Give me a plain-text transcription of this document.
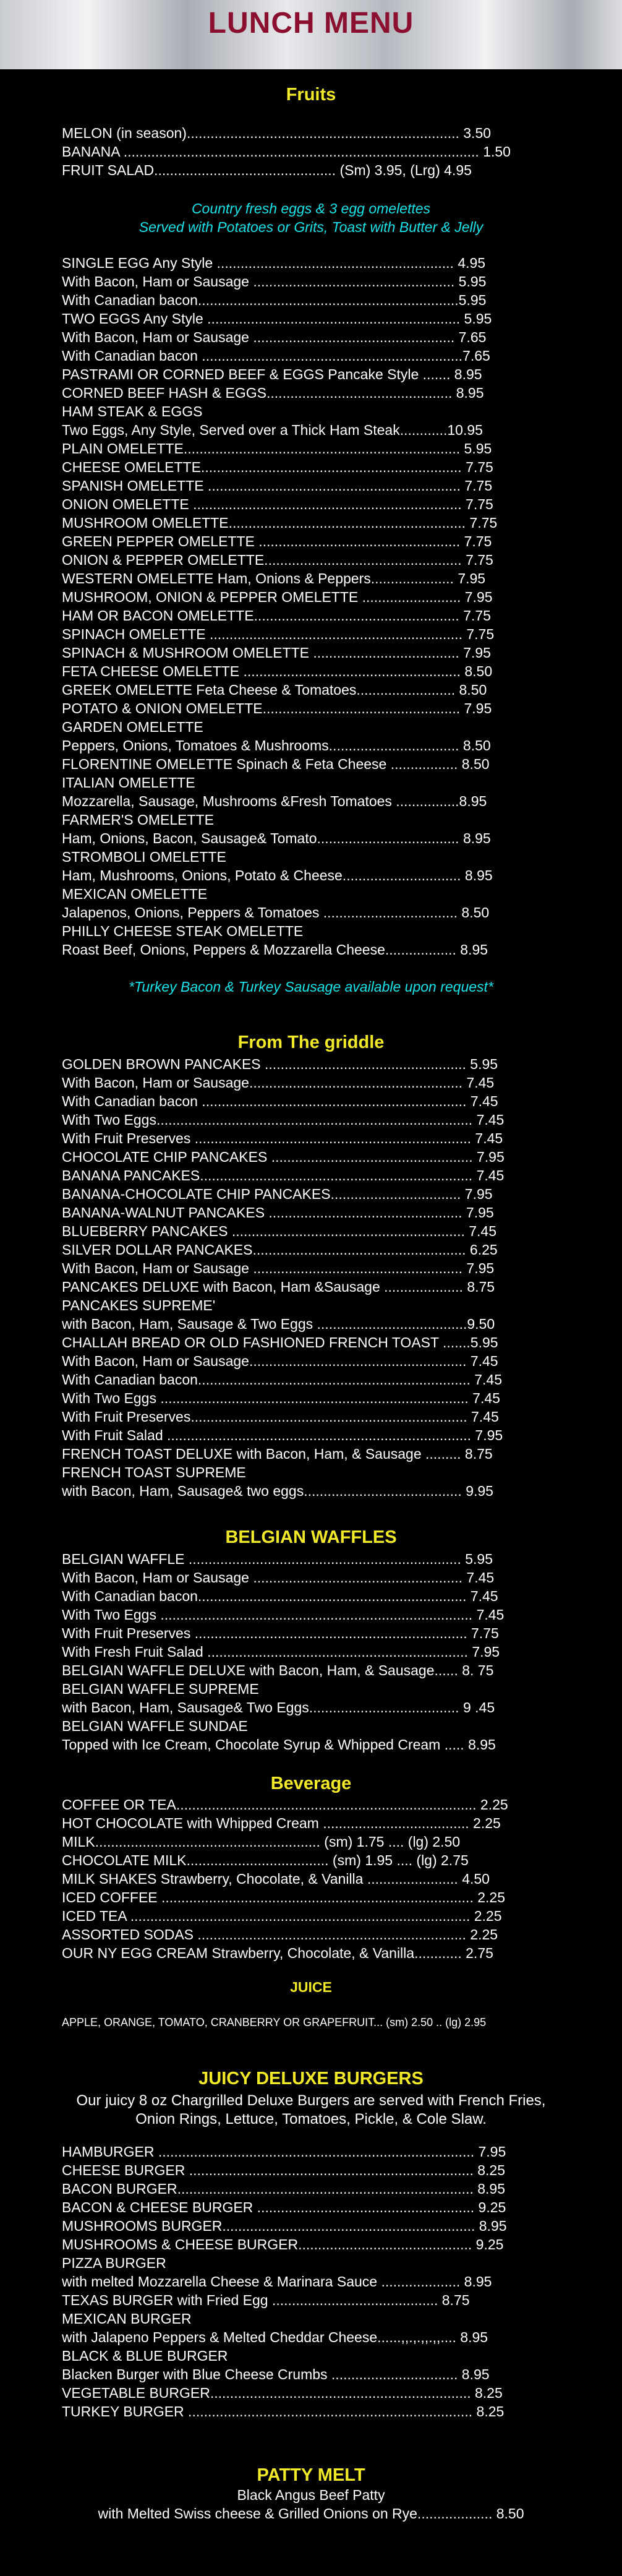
LUNCH MENU
Fruits
MELON (in season)..................................................................... 3.50
BANANA .......................................................................................... 1.50
FRUIT SALAD.............................................. (Sm) 3.95, (Lrg) 4.95

Country fresh eggs & 3 egg omelettes

Served with Potatoes or Grits, Toast with Butter & Jelly

SINGLE EGG Any Style ............................................................ 4.95
With Bacon, Ham or Sausage ................................................... 5.95
With Canadian bacon..................................................................5.95
TWO EGGS Any Style ................................................................ 5.95
With Bacon, Ham or Sausage ................................................... 7.65
With Canadian bacon ..................................................................7.65
PASTRAMI OR CORNED BEEF & EGGS Pancake Style ....... 8.95
CORNED BEEF HASH & EGGS............................................... 8.95
HAM STEAK & EGGS
Two Eggs, Any Style, Served over a Thick Ham Steak............10.95
PLAIN OMELETTE...................................................................... 5.95
CHEESE OMELETTE.................................................................. 7.75
SPANISH OMELETTE ................................................................ 7.75
ONION OMELETTE .................................................................... 7.75
MUSHROOM OMELETTE............................................................ 7.75
GREEN PEPPER OMELETTE ................................................... 7.75
ONION & PEPPER OMELETTE.................................................. 7.75
WESTERN OMELETTE Ham, Onions & Peppers..................... 7.95
MUSHROOM, ONION & PEPPER OMELETTE ......................... 7.95
HAM OR BACON OMELETTE.................................................... 7.75
SPINACH OMELETTE ................................................................ 7.75
SPINACH & MUSHROOM OMELETTE ..................................... 7.95
FETA CHEESE OMELETTE ....................................................... 8.50
GREEK OMELETTE Feta Cheese & Tomatoes......................... 8.50
POTATO & ONION OMELETTE.................................................. 7.95
GARDEN OMELETTE
Peppers, Onions, Tomatoes & Mushrooms................................. 8.50
FLORENTINE OMELETTE Spinach & Feta Cheese ................. 8.50
ITALIAN OMELETTE
Mozzarella, Sausage, Mushrooms &Fresh Tomatoes ................8.95
FARMER'S OMELETTE
Ham, Onions, Bacon, Sausage& Tomato.................................... 8.95
STROMBOLI OMELETTE
Ham, Mushrooms, Onions, Potato & Cheese.............................. 8.95
MEXICAN OMELETTE
Jalapenos, Onions, Peppers & Tomatoes .................................. 8.50
PHILLY CHEESE STEAK OMELETTE
Roast Beef, Onions, Peppers & Mozzarella Cheese.................. 8.95

*Turkey Bacon & Turkey Sausage available upon request*

From The griddle
GOLDEN BROWN PANCAKES ................................................... 5.95
With Bacon, Ham or Sausage...................................................... 7.45
With Canadian bacon ................................................................... 7.45
With Two Eggs................................................................................ 7.45
With Fruit Preserves ...................................................................... 7.45
CHOCOLATE CHIP PANCAKES ................................................... 7.95
BANANA PANCAKES..................................................................... 7.45
BANANA-CHOCOLATE CHIP PANCAKES................................. 7.95
BANANA-WALNUT PANCAKES ................................................. 7.95
BLUEBERRY PANCAKES ........................................................... 7.45
SILVER DOLLAR PANCAKES...................................................... 6.25
With Bacon, Ham or Sausage ..................................................... 7.95
PANCAKES DELUXE with Bacon, Ham &Sausage .................... 8.75
PANCAKES SUPREME'
with Bacon, Ham, Sausage & Two Eggs ......................................9.50
CHALLAH BREAD OR OLD FASHIONED FRENCH TOAST .......5.95
With Bacon, Ham or Sausage....................................................... 7.45
With Canadian bacon..................................................................... 7.45
With Two Eggs .............................................................................. 7.45
With Fruit Preserves...................................................................... 7.45
With Fruit Salad ............................................................................. 7.95
FRENCH TOAST DELUXE with Bacon, Ham, & Sausage ......... 8.75
FRENCH TOAST SUPREME
with Bacon, Ham, Sausage& two eggs........................................ 9.95
BELGIAN WAFFLES
BELGIAN WAFFLE ..................................................................... 5.95
With Bacon, Ham or Sausage ..................................................... 7.45
With Canadian bacon.................................................................... 7.45
With Two Eggs ............................................................................... 7.45
With Fruit Preserves ..................................................................... 7.75
With Fresh Fruit Salad .................................................................. 7.95
BELGIAN WAFFLE DELUXE with Bacon, Ham, & Sausage...... 8. 75
BELGIAN WAFFLE SUPREME
with Bacon, Ham, Sausage& Two Eggs...................................... 9 .45
BELGIAN WAFFLE SUNDAE
Topped with Ice Cream, Chocolate Syrup & Whipped Cream ..... 8.95
Beverage
COFFEE OR TEA............................................................................ 2.25
HOT CHOCOLATE with Whipped Cream ..................................... 2.25
MILK......................................................... (sm) 1.75 .... (lg) 2.50
CHOCOLATE MILK.................................... (sm) 1.95 .... (lg) 2.75
MILK SHAKES Strawberry, Chocolate, & Vanilla ....................... 4.50
ICED COFFEE ............................................................................... 2.25
ICED TEA ...................................................................................... 2.25
ASSORTED SODAS .................................................................... 2.25
OUR NY EGG CREAM Strawberry, Chocolate, & Vanilla............ 2.75
JUICE

APPLE, ORANGE, TOMATO, CRANBERRY OR GRAPEFRUIT... (sm) 2.50 .. (lg) 2.95

JUICY DELUXE BURGERS

Our juicy 8 oz Chargrilled Deluxe Burgers are served with French Fries, Onion Rings, Lettuce, Tomatoes, Pickle, & Cole Slaw.

HAMBURGER ................................................................................ 7.95
CHEESE BURGER ........................................................................ 8.25
BACON BURGER........................................................................... 8.95
BACON & CHEESE BURGER ....................................................... 9.25
MUSHROOMS BURGER................................................................ 8.95
MUSHROOMS & CHEESE BURGER............................................ 9.25
PIZZA BURGER
with melted Mozzarella Cheese & Marinara Sauce .................... 8.95
TEXAS BURGER with Fried Egg .......................................... 8.75
MEXICAN BURGER
with Jalapeno Peppers & Melted Cheddar Cheese......,,.,.,,.,,.... 8.95
BLACK & BLUE BURGER
Blacken Burger with Blue Cheese Crumbs ................................ 8.95
VEGETABLE BURGER.................................................................. 8.25
TURKEY BURGER ........................................................................ 8.25
PATTY MELT

Black Angus Beef Patty

with Melted Swiss cheese & Grilled Onions on Rye................... 8.50
